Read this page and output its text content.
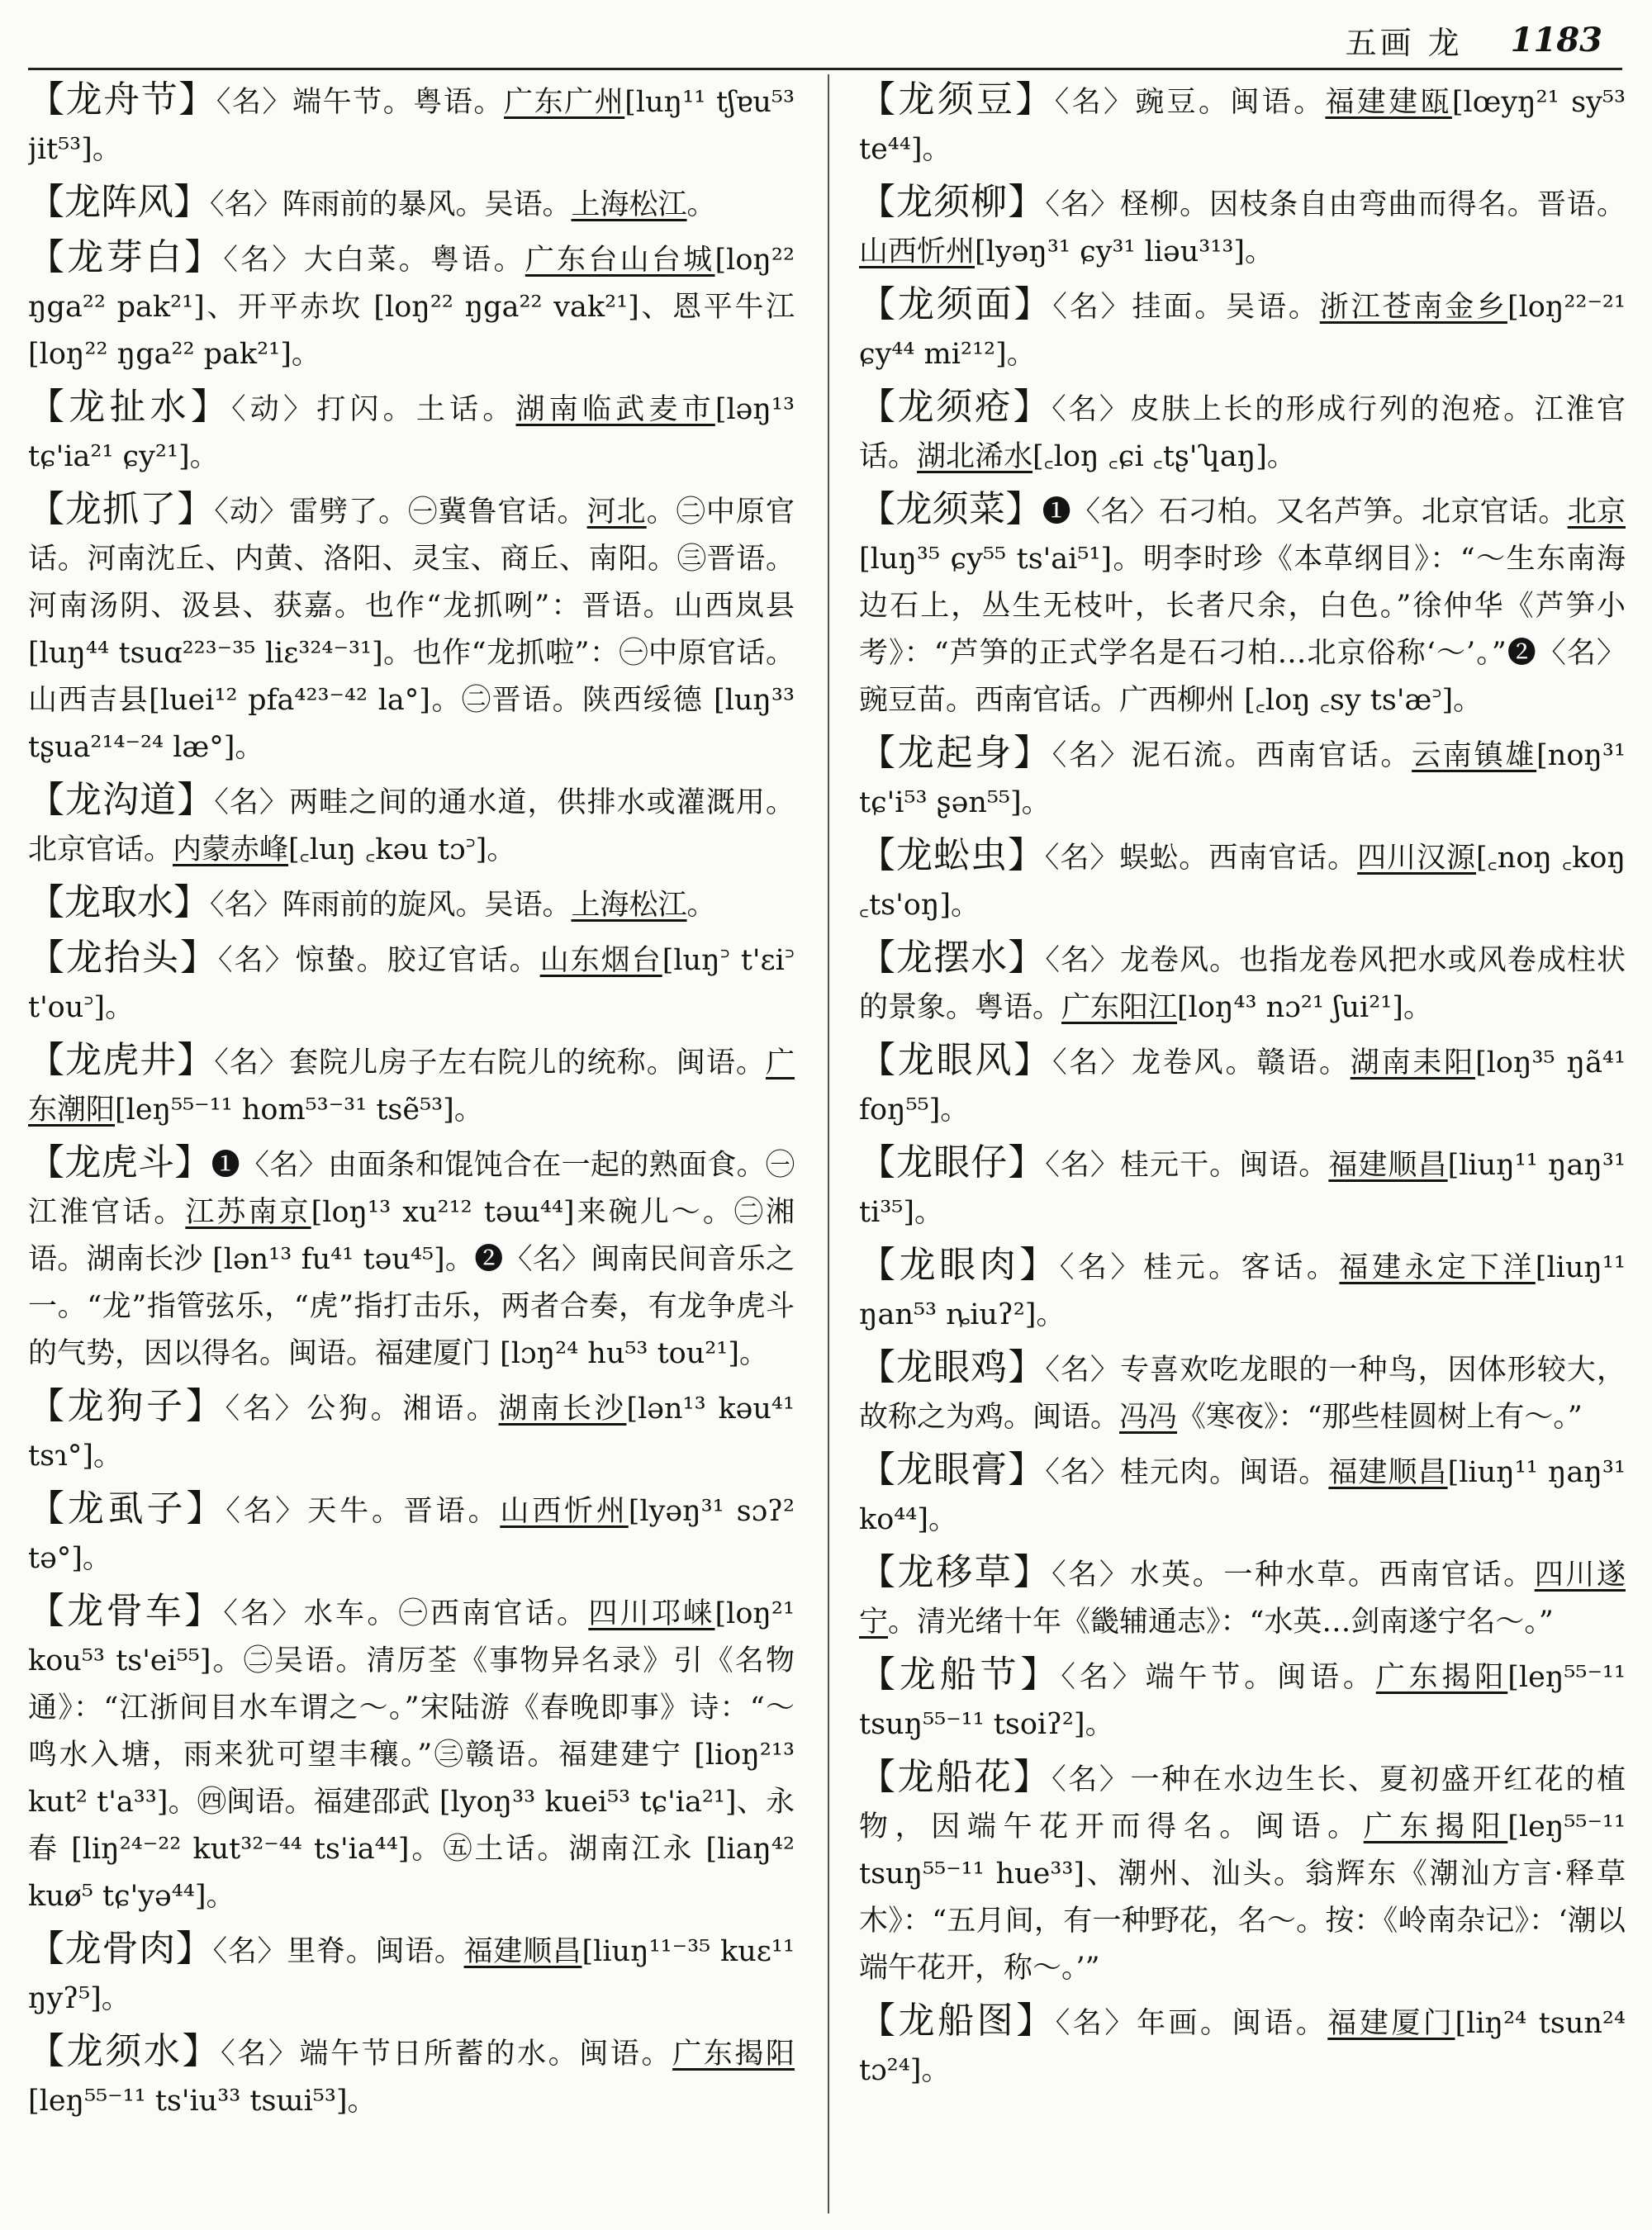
五画 龙 1183
【龙舟节】〈名〉端午节。粤语。广东广州[luŋ¹¹ tʃɐu⁵³ jit⁵³]。
【龙阵风】〈名〉阵雨前的暴风。吴语。上海松江。
【龙芽白】〈名〉大白菜。粤语。广东台山台城[loŋ²² ŋga²² pak²¹]、开平赤坎 [loŋ²² ŋga²² vak²¹]、恩平牛江 [loŋ²² ŋga²² pak²¹]。
【龙扯水】〈动〉打闪。土话。湖南临武麦市[ləŋ¹³ tɕ'ia²¹ ɕy²¹]。
【龙抓了】〈动〉雷劈了。㊀冀鲁官话。河北。㊁中原官话。河南沈丘、内黄、洛阳、灵宝、商丘、南阳。㊂晋语。河南汤阴、汲县、获嘉。也作“龙抓咧”：晋语。山西岚县 [luŋ⁴⁴ tsuɑ²²³⁻³⁵ liɛ³²⁴⁻³¹]。也作“龙抓啦”：㊀中原官话。山西吉县[luei¹² pfa⁴²³⁻⁴² la°]。㊁晋语。陕西绥德 [luŋ³³ tʂua²¹⁴⁻²⁴ læ°]。
【龙沟道】〈名〉两畦之间的通水道，供排水或灌溉用。北京官话。内蒙赤峰[꜀luŋ ꜀kəu tɔ꜄]。
【龙取水】〈名〉阵雨前的旋风。吴语。上海松江。
【龙抬头】〈名〉惊蛰。胶辽官话。山东烟台[luŋ꜄ t'ɛi꜄ t'ou꜄]。
【龙虎井】〈名〉套院儿房子左右院儿的统称。闽语。广东潮阳[leŋ⁵⁵⁻¹¹ hom⁵³⁻³¹ tsẽ⁵³]。
【龙虎斗】❶〈名〉由面条和馄饨合在一起的熟面食。㊀江淮官话。江苏南京[loŋ¹³ xu²¹² təɯ⁴⁴]来碗儿～。㊁湘语。湖南长沙 [lən¹³ fu⁴¹ təu⁴⁵]。❷〈名〉闽南民间音乐之一。“龙”指管弦乐，“虎”指打击乐，两者合奏，有龙争虎斗的气势，因以得名。闽语。福建厦门 [lɔŋ²⁴ hu⁵³ tou²¹]。
【龙狗子】〈名〉公狗。湘语。湖南长沙[lən¹³ kəu⁴¹ tsɿ°]。
【龙虱子】〈名〉天牛。晋语。山西忻州[lyəŋ³¹ sɔʔ² tə°]。
【龙骨车】〈名〉水车。㊀西南官话。四川邛崃[loŋ²¹ kou⁵³ ts'ei⁵⁵]。㊁吴语。清厉荃《事物异名录》引《名物通》：“江浙间目水车谓之～。”宋陆游《春晚即事》诗：“～鸣水入塘，雨来犹可望丰穰。”㊂赣语。福建建宁 [lioŋ²¹³ kut² t'a³³]。㊃闽语。福建邵武 [lyoŋ³³ kuei⁵³ tɕ'ia²¹]、永春 [liŋ²⁴⁻²² kut³²⁻⁴⁴ ts'ia⁴⁴]。㊄土话。湖南江永 [liaŋ⁴² kuø⁵ tɕ'yə⁴⁴]。
【龙骨肉】〈名〉里脊。闽语。福建顺昌[liuŋ¹¹⁻³⁵ kuɛ¹¹ ŋyʔ⁵]。
【龙须水】〈名〉端午节日所蓄的水。闽语。广东揭阳[leŋ⁵⁵⁻¹¹ ts'iu³³ tsɯi⁵³]。
【龙须豆】〈名〉豌豆。闽语。福建建瓯[lœyŋ²¹ sy⁵³ te⁴⁴]。
【龙须柳】〈名〉柽柳。因枝条自由弯曲而得名。晋语。山西忻州[lyəŋ³¹ ɕy³¹ liəu³¹³]。
【龙须面】〈名〉挂面。吴语。浙江苍南金乡[loŋ²²⁻²¹ ɕy⁴⁴ mi²¹²]。
【龙须疮】〈名〉皮肤上长的形成行列的泡疮。江淮官话。湖北浠水[꜀loŋ ꜀ɕi ꜀tʂ'ʮaŋ]。
【龙须菜】❶〈名〉石刁柏。又名芦笋。北京官话。北京[luŋ³⁵ ɕy⁵⁵ ts'ai⁵¹]。明李时珍《本草纲目》：“～生东南海边石上，丛生无枝叶，长者尺余，白色。”徐仲华《芦笋小考》：“芦笋的正式学名是石刁柏…北京俗称‘～’。”❷〈名〉豌豆苗。西南官话。广西柳州 [꜀loŋ ꜀sy ts'æ꜄]。
【龙起身】〈名〉泥石流。西南官话。云南镇雄[noŋ³¹ tɕ'i⁵³ ʂən⁵⁵]。
【龙蚣虫】〈名〉蜈蚣。西南官话。四川汉源[꜀noŋ ꜀koŋ ꜀ts'oŋ]。
【龙摆水】〈名〉龙卷风。也指龙卷风把水或风卷成柱状的景象。粤语。广东阳江[loŋ⁴³ nɔ²¹ ʃui²¹]。
【龙眼风】〈名〉龙卷风。赣语。湖南耒阳[loŋ³⁵ ŋã⁴¹ foŋ⁵⁵]。
【龙眼仔】〈名〉桂元干。闽语。福建顺昌[liuŋ¹¹ ŋaŋ³¹ ti³⁵]。
【龙眼肉】〈名〉桂元。客话。福建永定下洋[liuŋ¹¹ ŋan⁵³ ȵiuʔ²]。
【龙眼鸡】〈名〉专喜欢吃龙眼的一种鸟，因体形较大，故称之为鸡。闽语。冯冯《寒夜》：“那些桂圆树上有～。”
【龙眼膏】〈名〉桂元肉。闽语。福建顺昌[liuŋ¹¹ ŋaŋ³¹ ko⁴⁴]。
【龙移草】〈名〉水英。一种水草。西南官话。四川遂宁。清光绪十年《畿辅通志》：“水英…剑南遂宁名～。”
【龙船节】〈名〉端午节。闽语。广东揭阳[leŋ⁵⁵⁻¹¹ tsuŋ⁵⁵⁻¹¹ tsoiʔ²]。
【龙船花】〈名〉一种在水边生长、夏初盛开红花的植物，因端午花开而得名。闽语。广东揭阳[leŋ⁵⁵⁻¹¹ tsuŋ⁵⁵⁻¹¹ hue³³]、潮州、汕头。翁辉东《潮汕方言·释草木》：“五月间，有一种野花，名～。按：《岭南杂记》：‘潮以端午花开，称～。’”
【龙船图】〈名〉年画。闽语。福建厦门[liŋ²⁴ tsun²⁴ tɔ²⁴]。
